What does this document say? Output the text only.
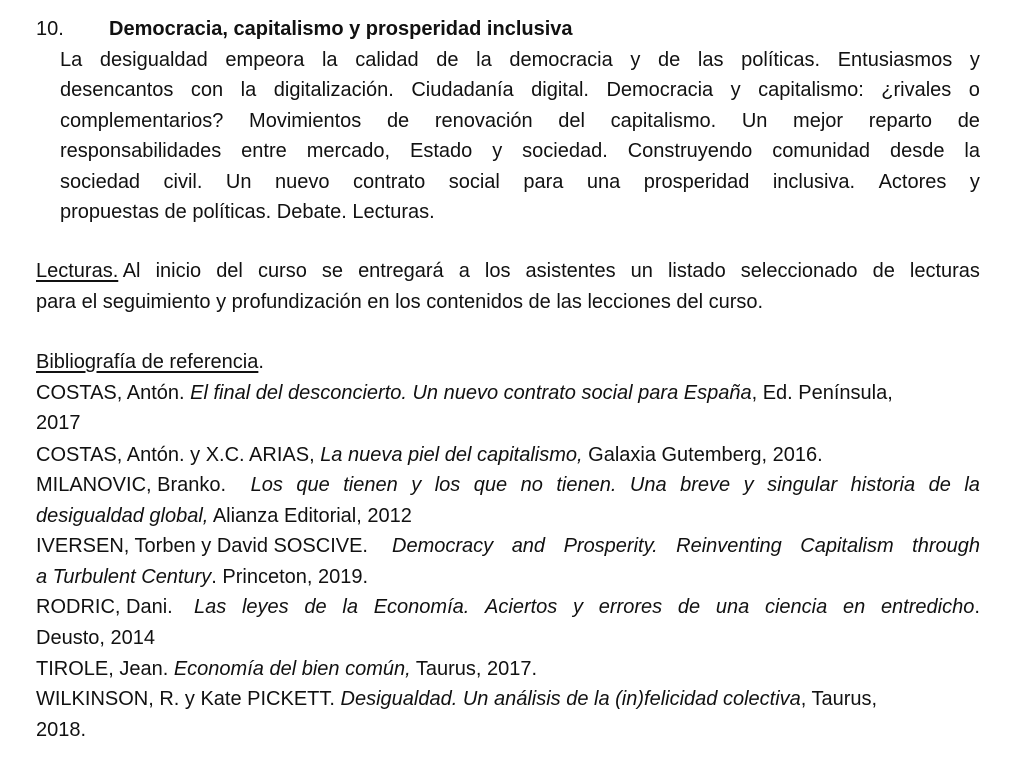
10. Democracia, capitalismo y prosperidad inclusiva
La desigualdad empeora la calidad de la democracia y de las políticas. Entusiasmos y
desencantos con la digitalización. Ciudadanía digital. Democracia y capitalismo: ¿rivales o
complementarios? Movimientos de renovación del capitalismo. Un mejor reparto de
responsabilidades entre mercado, Estado y sociedad. Construyendo comunidad desde la
sociedad civil. Un nuevo contrato social para una prosperidad inclusiva. Actores y
propuestas de políticas. Debate. Lecturas.
Lecturas. Al inicio del curso se entregará a los asistentes un listado seleccionado de lecturas
para el seguimiento y profundización en los contenidos de las lecciones del curso.
Bibliografía de referencia.
COSTAS, Antón. El final del desconcierto. Un nuevo contrato social para España, Ed. Península,
2017
COSTAS, Antón. y X.C. ARIAS, La nueva piel del capitalismo, Galaxia Gutemberg, 2016.
MILANOVIC, Branko. Los que tienen y los que no tienen. Una breve y singular historia de la
desigualdad global, Alianza Editorial, 2012
IVERSEN, Torben y David SOSCIVE. Democracy and Prosperity. Reinventing Capitalism through
a Turbulent Century. Princeton, 2019.
RODRIC, Dani. Las leyes de la Economía. Aciertos y errores de una ciencia en entredicho.
Deusto, 2014
TIROLE, Jean. Economía del bien común, Taurus, 2017.
WILKINSON, R. y Kate PICKETT. Desigualdad. Un análisis de la (in)felicidad colectiva, Taurus,
2018.
